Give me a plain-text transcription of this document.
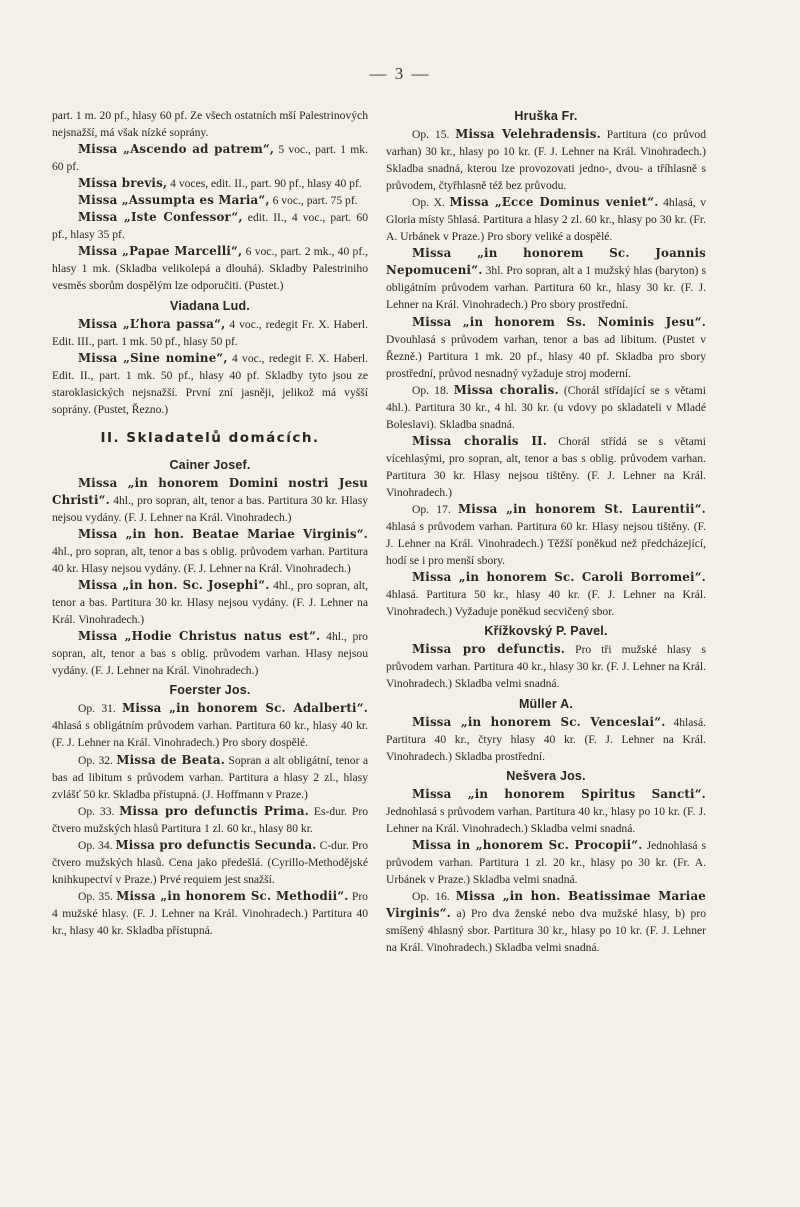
— 3 —

part. 1 m. 20 pf., hlasy 60 pf. Ze všech ostatních mší Palestrinových nejsnažší, má však nízké soprány.

Missa „Ascendo ad patrem“, 5 voc., part. 1 mk. 60 pf.

Missa brevis, 4 voces, edit. II., part. 90 pf., hlasy 40 pf.

Missa „Assumpta es Maria“, 6 voc., part. 75 pf.

Missa „Iste Confessor“, edit. II., 4 voc., part. 60 pf., hlasy 35 pf.

Missa „Papae Marcelli“, 6 voc., part. 2 mk., 40 pf., hlasy 1 mk. (Skladba velikolepá a dlouhá). Skladby Palestriniho vesměs sborům dospělým lze odporučiti. (Pustet.)

Viadana Lud.

Missa „L’hora passa“, 4 voc., redegit Fr. X. Haberl. Edit. III., part. 1 mk. 50 pf., hlasy 50 pf.

Missa „Sine nomine“, 4 voc., redegit F. X. Haberl. Edit. II., part. 1 mk. 50 pf., hlasy 40 pf. Skladby tyto jsou ze staroklasických nejsnažší. První zní jasněji, jelikož má vyšší soprány. (Pustet, Řezno.)

II. Skladatelů domácích.
Cainer Josef.

Missa „in honorem Domini nostri Jesu Christi“. 4hl., pro sopran, alt, tenor a bas. Partitura 30 kr. Hlasy nejsou vydány. (F. J. Lehner na Král. Vinohradech.)

Missa „in hon. Beatae Mariae Virginis“. 4hl., pro sopran, alt, tenor a bas s oblig. průvodem varhan. Partitura 40 kr. Hlasy nejsou vydány. (F. J. Lehner na Král. Vinohradech.)

Missa „in hon. Sc. Josephi“. 4hl., pro sopran, alt, tenor a bas. Partitura 30 kr. Hlasy nejsou vydány. (F. J. Lehner na Král. Vinohradech.)

Missa „Hodie Christus natus est“. 4hl., pro sopran, alt, tenor a bas s oblig. průvodem varhan. Hlasy nejsou vydány. (F. J. Lehner na Král. Vinohradech.)

Foerster Jos.

Op. 31. Missa „in honorem Sc. Adalberti“. 4hlasá s obligátním průvodem varhan. Partitura 60 kr., hlasy 40 kr. (F. J. Lehner na Král. Vinohradech.) Pro sbory dospělé.

Op. 32. Missa de Beata. Sopran a alt obligátní, tenor a bas ad libitum s průvodem varhan. Partitura a hlasy 2 zl., hlasy zvlášť 50 kr. Skladba přístupná. (J. Hoffmann v Praze.)

Op. 33. Missa pro defunctis Prima. Es-dur. Pro čtvero mužských hlasů Partitura 1 zl. 60 kr., hlasy 80 kr.

Op. 34. Missa pro defunctis Secunda. C-dur. Pro čtvero mužských hlasů. Cena jako předešlá. (Cyrillo-Methodějské knihkupectví v Praze.) Prvé requiem jest snažší.

Op. 35. Missa „in honorem Sc. Methodii“. Pro 4 mužské hlasy. (F. J. Lehner na Král. Vinohradech.) Partitura 40 kr., hlasy 40 kr. Skladba přístupná.

Hruška Fr.

Op. 15. Missa Velehradensis. Partitura (co průvod varhan) 30 kr., hlasy po 10 kr. (F. J. Lehner na Král. Vinohradech.) Skladba snadná, kterou lze provozovati jedno-, dvou- a tříhlasně s průvodem, čtyřhlasně též bez průvodu.

Op. X. Missa „Ecce Dominus veniet“. 4hlasá, v Gloria místy 5hlasá. Partitura a hlasy 2 zl. 60 kr., hlasy po 30 kr. (Fr. A. Urbánek v Praze.) Pro sbory veliké a dospělé.

Missa „in honorem Sc. Joannis Nepomuceni“. 3hl. Pro sopran, alt a 1 mužský hlas (baryton) s obligátním průvodem varhan. Partitura 60 kr., hlasy 30 kr. (F. J. Lehner na Král. Vinohradech.) Pro sbory prostřední.

Missa „in honorem Ss. Nominis Jesu“. Dvouhlasá s průvodem varhan, tenor a bas ad libitum. (Pustet v Řezně.) Partitura 1 mk. 20 pf., hlasy 40 pf. Skladba pro sbory prostřední, průvod nesnadný vyžaduje stroj moderní.

Op. 18. Missa choralis. (Chorál střídající se s větami 4hl.). Partitura 30 kr., 4 hl. 30 kr. (u vdovy po skladateli v Mladé Boleslavi). Skladba snadná.

Missa choralis II. Chorál střídá se s větami vícehlasými, pro sopran, alt, tenor a bas s oblig. průvodem varhan. Partitura 30 kr. Hlasy nejsou tištěny. (F. J. Lehner na Král. Vinohradech.)

Op. 17. Missa „in honorem St. Laurentii“. 4hlasá s průvodem varhan. Partitura 60 kr. Hlasy nejsou tištěny. (F. J. Lehner na Král. Vinohradech.) Těžší poněkud než předcházející, hodí se i pro menší sbory.

Missa „in honorem Sc. Caroli Borromei“. 4hlasá. Partitura 50 kr., hlasy 40 kr. (F. J. Lehner na Král. Vinohradech.) Vyžaduje poněkud secvičený sbor.

Křížkovský P. Pavel.

Missa pro defunctis. Pro tři mužské hlasy s průvodem varhan. Partitura 40 kr., hlasy 30 kr. (F. J. Lehner na Král. Vinohradech.) Skladba velmi snadná.

Müller A.

Missa „in honorem Sc. Venceslai“. 4hlasá. Partitura 40 kr., čtyry hlasy 40 kr. (F. J. Lehner na Král. Vinohradech.) Skladba prostřední.

Nešvera Jos.

Missa „in honorem Spiritus Sancti“. Jednohlasá s průvodem varhan. Partitura 40 kr., hlasy po 10 kr. (F. J. Lehner na Král. Vinohradech.) Skladba velmi snadná.

Missa in „honorem Sc. Procopii“. Jednohlasá s průvodem varhan. Partitura 1 zl. 20 kr., hlasy po 30 kr. (Fr. A. Urbánek v Praze.) Skladba velmi snadná.

Op. 16. Missa „in hon. Beatissimae Mariae Virginis“. a) Pro dva ženské nebo dva mužské hlasy, b) pro smíšený 4hlasný sbor. Partitura 30 kr., hlasy po 10 kr. (F. J. Lehner na Král. Vinohradech.) Skladba velmi snadná.
